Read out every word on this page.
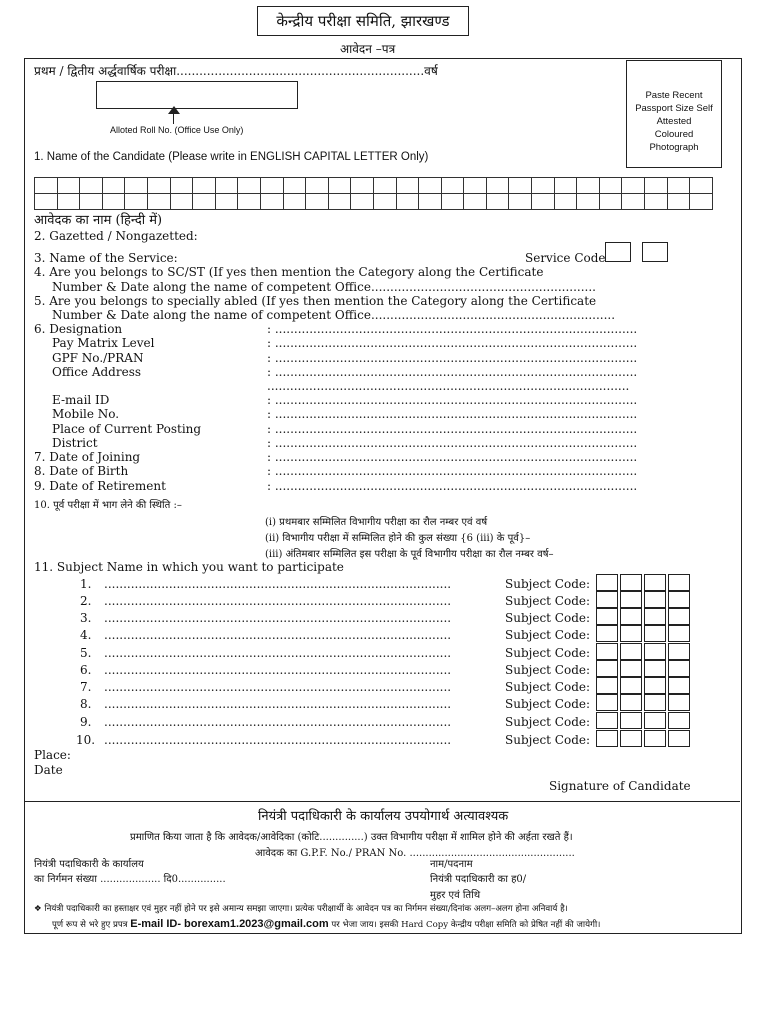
केन्द्रीय परीक्षा समिति, झारखण्ड
आवेदन –पत्र
प्रथम / द्वितीय अर्द्धवार्षिक परीक्षा.................................................................वर्ष
Paste Recent
Passport Size Self
Attested
Coloured
Photograph
Alloted Roll No. (Office Use Only)
1. Name of the Candidate (Please write in ENGLISH CAPITAL LETTER Only)

आवेदक का नाम (हिन्दी में)
2. Gazetted / Nongazetted:
3. Name of the Service:	Service Code
4. Are you belongs to SC/ST (If yes then mention the Category along the Certificate
Number & Date along the name of competent Office...........................................................
5. Are you belongs to specially abled (If yes then mention the Category along the Certificate
Number & Date along the name of competent Office................................................................
6. Designation	: ...............................................................................................
Pay Matrix Level	: ...............................................................................................
GPF No./PRAN	: ...............................................................................................
Office Address	: ...............................................................................................
...............................................................................................
E-mail ID	: ...............................................................................................
Mobile No.	: ...............................................................................................
Place of Current Posting	: ...............................................................................................
District	: ...............................................................................................
7. Date of Joining	: ...............................................................................................
8. Date of Birth	: ...............................................................................................
9. Date of Retirement	: ...............................................................................................
10. पूर्व परीक्षा में भाग लेने की स्थिति :–
(i) प्रथमबार सम्मिलित विभागीय परीक्षा का रौल नम्बर एवं वर्ष
(ii) विभागीय परीक्षा में सम्मिलित होने की कुल संख्या {6 (iii) के पूर्व}–
(iii) अंतिमबार सम्मिलित इस परीक्षा के पूर्व विभागीय परीक्षा का रौल नम्बर वर्ष–
11. Subject Name in which you want to participate
1. ...........................................................................................	Subject Code:
2. ...........................................................................................	Subject Code:
3. ...........................................................................................	Subject Code:
4. ...........................................................................................	Subject Code:
5. ...........................................................................................	Subject Code:
6. ...........................................................................................	Subject Code:
7. ...........................................................................................	Subject Code:
8. ...........................................................................................	Subject Code:
9. ...........................................................................................	Subject Code:
10. ...........................................................................................	Subject Code:
Place:
Date
Signature of Candidate
नियंत्री पदाधिकारी के कार्यालय उपयोगार्थ अत्यावश्यक
प्रमाणित किया जाता है कि आवेदक/आवेदिका (कोटि..............) उक्त विभागीय परीक्षा में शामिल होने की अर्हता रखते हैं।
आवेदक का G.P.F. No./ PRAN No. ....................................................
नियंत्री पदाधिकारी के कार्यालय
का निर्गमन संख्या ................... दि0...............
नाम/पदनाम
नियंत्री पदाधिकारी का ह0/
मुहर एवं तिथि
❖ नियंत्री पदाधिकारी का हस्ताक्षर एवं मुहर नहीं होने पर इसे अमान्य समझा जाएगा। प्रत्येक परीक्षार्थी के आवेदन पत्र का निर्गमन संख्या/दिनांक अलग–अलग होना अनिवार्य है।
पूर्ण रूप से भरे हुए प्रपत्र E-mail ID- borexam1.2023@gmail.com पर भेजा जाय। इसकी Hard Copy केन्द्रीय परीक्षा समिति को प्रेषित नहीं की जायेगी।
